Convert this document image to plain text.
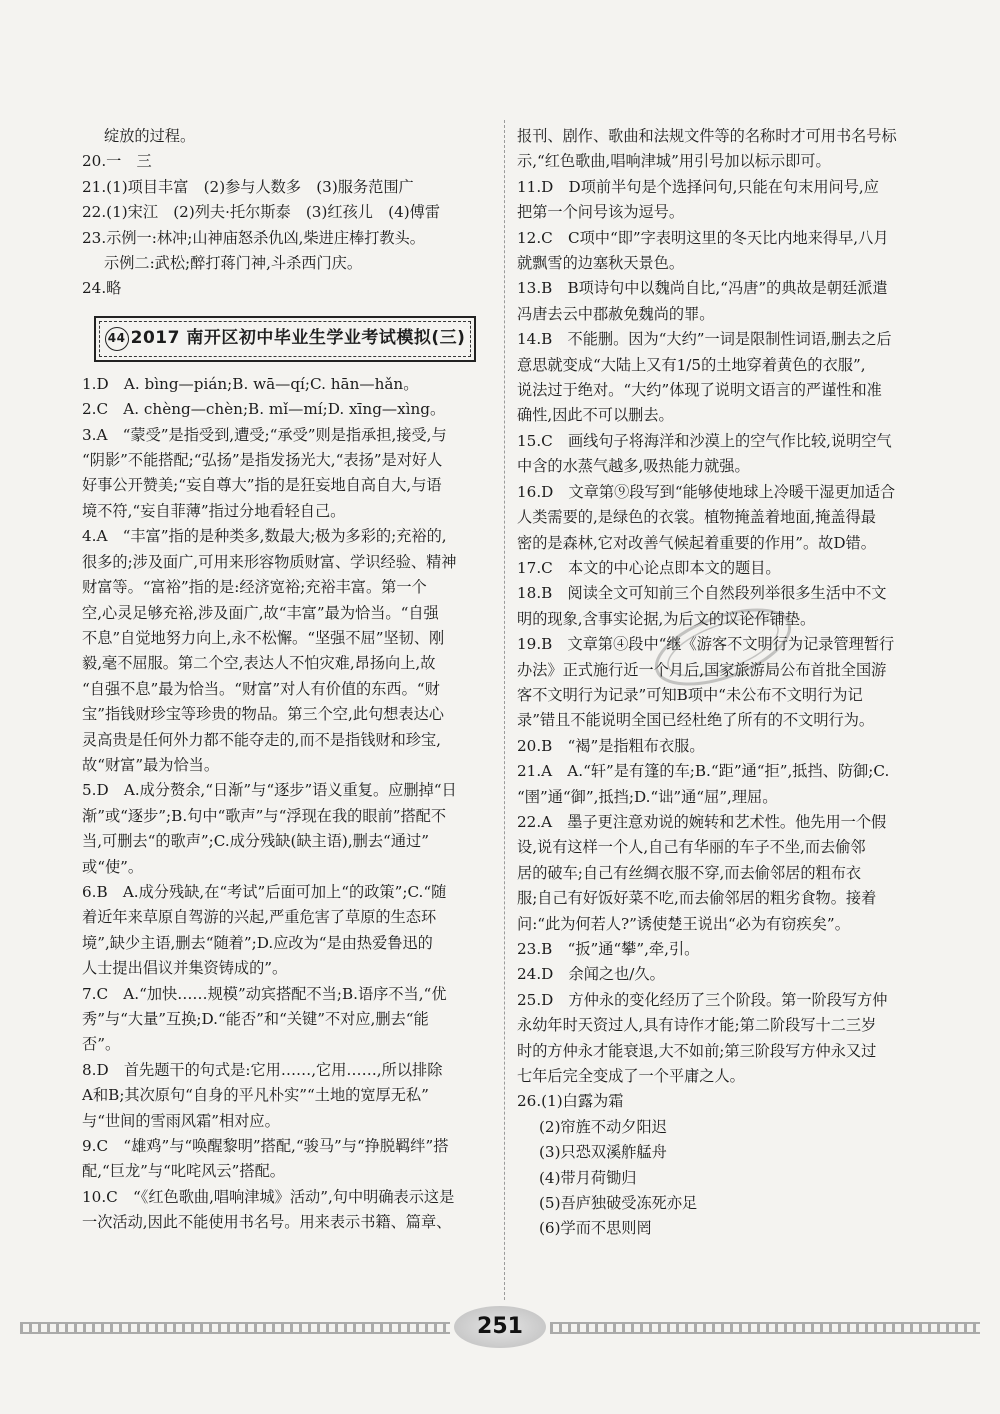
绽放的过程。
20.一　三
21.(1)项目丰富　(2)参与人数多　(3)服务范围广
22.(1)宋江　(2)列夫·托尔斯泰　(3)红孩儿　(4)傅雷
23.示例一:林冲;山神庙怒杀仇凶,柴进庄棒打教头。
示例二:武松;醉打蒋门神,斗杀西门庆。
24.略
44 2017 南开区初中毕业生学业考试模拟(三)
1.D　A. bìng—pián;B. wā—qí;C. hān—hǎn。
2.C　A. chèng—chèn;B. mǐ—mí;D. xīng—xìng。
3.A　“蒙受”是指受到,遭受;“承受”则是指承担,接受,与
“阴影”不能搭配;“弘扬”是指发扬光大,“表扬”是对好人
好事公开赞美;“妄自尊大”指的是狂妄地自高自大,与语
境不符,“妄自菲薄”指过分地看轻自己。
4.A　“丰富”指的是种类多,数最大;极为多彩的;充裕的,
很多的;涉及面广,可用来形容物质财富、学识经验、精神
财富等。“富裕”指的是:经济宽裕;充裕丰富。第一个
空,心灵足够充裕,涉及面广,故“丰富”最为恰当。“自强
不息”自觉地努力向上,永不松懈。“坚强不屈”坚韧、刚
毅,毫不屈服。第二个空,表达人不怕灾难,昂扬向上,故
“自强不息”最为恰当。“财富”对人有价值的东西。“财
宝”指钱财珍宝等珍贵的物品。第三个空,此句想表达心
灵高贵是任何外力都不能夺走的,而不是指钱财和珍宝,
故“财富”最为恰当。
5.D　A.成分赘余,“日渐”与“逐步”语义重复。应删掉“日
渐”或“逐步”;B.句中“歌声”与“浮现在我的眼前”搭配不
当,可删去“的歌声”;C.成分残缺(缺主语),删去“通过”
或“使”。
6.B　A.成分残缺,在“考试”后面可加上“的政策”;C.“随
着近年来草原自驾游的兴起,严重危害了草原的生态环
境”,缺少主语,删去“随着”;D.应改为“是由热爱鲁迅的
人士提出倡议并集资铸成的”。
7.C　A.“加快……规模”动宾搭配不当;B.语序不当,“优
秀”与“大量”互换;D.“能否”和“关键”不对应,删去“能
否”。
8.D　首先题干的句式是:它用……,它用……,所以排除
A和B;其次原句“自身的平凡朴实”“土地的宽厚无私”
与“世间的雪雨风霜”相对应。
9.C　“雄鸡”与“唤醒黎明”搭配,“骏马”与“挣脱羁绊”搭
配,“巨龙”与“叱咤风云”搭配。
10.C　“《红色歌曲,唱响津城》活动”,句中明确表示这是
一次活动,因此不能使用书名号。用来表示书籍、篇章、
报刊、剧作、歌曲和法规文件等的名称时才可用书名号标
示,“红色歌曲,唱响津城”用引号加以标示即可。
11.D　D项前半句是个选择问句,只能在句末用问号,应
把第一个问号该为逗号。
12.C　C项中“即”字表明这里的冬天比内地来得早,八月
就飘雪的边塞秋天景色。
13.B　B项诗句中以魏尚自比,“冯唐”的典故是朝廷派遣
冯唐去云中郡赦免魏尚的罪。
14.B　不能删。因为“大约”一词是限制性词语,删去之后
意思就变成“大陆上又有1/5的土地穿着黄色的衣服”,
说法过于绝对。“大约”体现了说明文语言的严谨性和准
确性,因此不可以删去。
15.C　画线句子将海洋和沙漠上的空气作比较,说明空气
中含的水蒸气越多,吸热能力就强。
16.D　文章第⑨段写到“能够使地球上冷暖干湿更加适合
人类需要的,是绿色的衣裳。植物掩盖着地面,掩盖得最
密的是森林,它对改善气候起着重要的作用”。故D错。
17.C　本文的中心论点即本文的题目。
18.B　阅读全文可知前三个自然段列举很多生活中不文
明的现象,含事实论据,为后文的议论作铺垫。
19.B　文章第④段中“继《游客不文明行为记录管理暂行
办法》正式施行近一个月后,国家旅游局公布首批全国游
客不文明行为记录”可知B项中“未公布不文明行为记
录”错且不能说明全国已经杜绝了所有的不文明行为。
20.B　“褐”是指粗布衣服。
21.A　A.“轩”是有篷的车;B.“距”通“拒”,抵挡、防御;C.
“圉”通“御”,抵挡;D.“诎”通“屈”,理屈。
22.A　墨子更注意劝说的婉转和艺术性。他先用一个假
设,说有这样一个人,自己有华丽的车子不坐,而去偷邻
居的破车;自己有丝绸衣服不穿,而去偷邻居的粗布衣
服;自己有好饭好菜不吃,而去偷邻居的粗劣食物。接着
问:“此为何若人?”诱使楚王说出“必为有窃疾矣”。
23.B　“扳”通“攀”,牵,引。
24.D　余闻之也/久。
25.D　方仲永的变化经历了三个阶段。第一阶段写方仲
永幼年时天资过人,具有诗作才能;第二阶段写十二三岁
时的方仲永才能衰退,大不如前;第三阶段写方仲永又过
七年后完全变成了一个平庸之人。
26.(1)白露为霜
(2)帘旌不动夕阳迟
(3)只恐双溪舴艋舟
(4)带月荷锄归
(5)吾庐独破受冻死亦足
(6)学而不思则罔
251
